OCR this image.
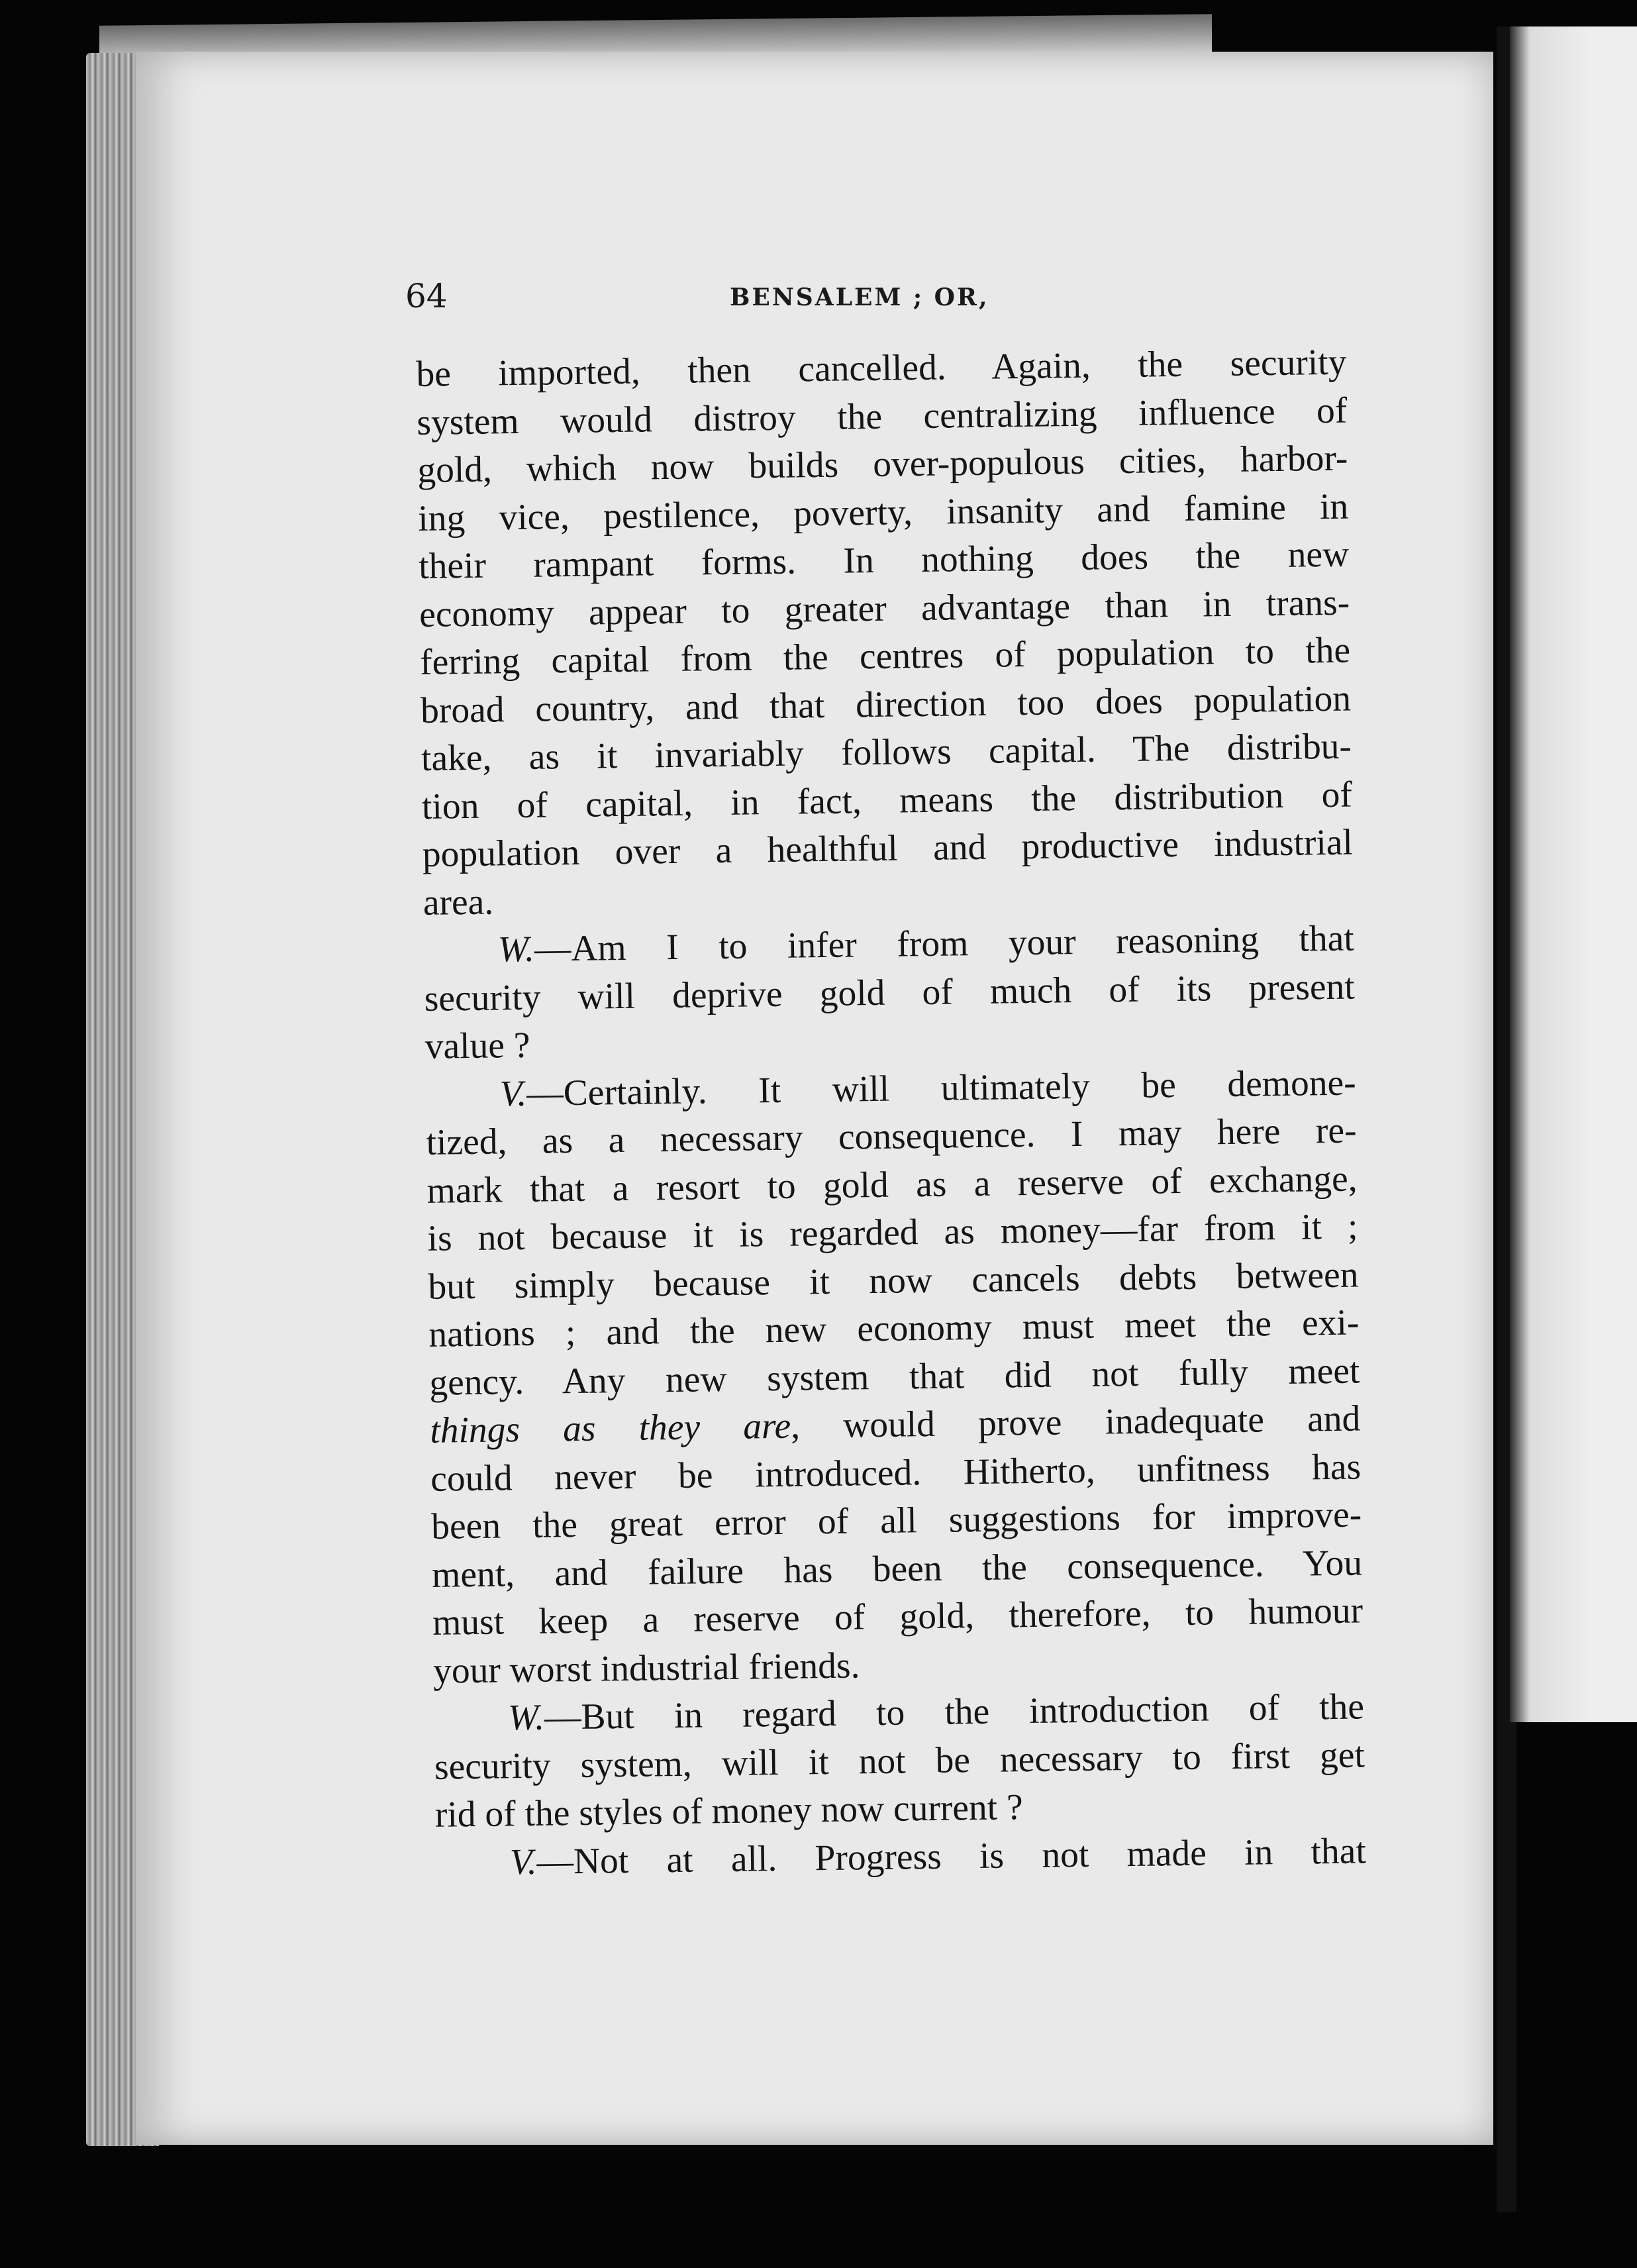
64	BENSALEM ; OR,
be imported, then cancelled. Again, the security
system would distroy the centralizing influence of
gold, which now builds over-populous cities, harbor-
ing vice, pestilence, poverty, insanity and famine in
their rampant forms. In nothing does the new
economy appear to greater advantage than in trans-
ferring capital from the centres of population to the
broad country, and that direction too does population
take, as it invariably follows capital. The distribu-
tion of capital, in fact, means the distribution of
population over a healthful and productive industrial
area.
W.—Am I to infer from your reasoning that
security will deprive gold of much of its present
value ?
V.—Certainly. It will ultimately be demone-
tized, as a necessary consequence. I may here re-
mark that a resort to gold as a reserve of exchange,
is not because it is regarded as money—far from it ;
but simply because it now cancels debts between
nations ; and the new economy must meet the exi-
gency. Any new system that did not fully meet
things as they are, would prove inadequate and
could never be introduced. Hitherto, unfitness has
been the great error of all suggestions for improve-
ment, and failure has been the consequence. You
must keep a reserve of gold, therefore, to humour
your worst industrial friends.
W.—But in regard to the introduction of the
security system, will it not be necessary to first get
rid of the styles of money now current ?
V.—Not at all. Progress is not made in that
